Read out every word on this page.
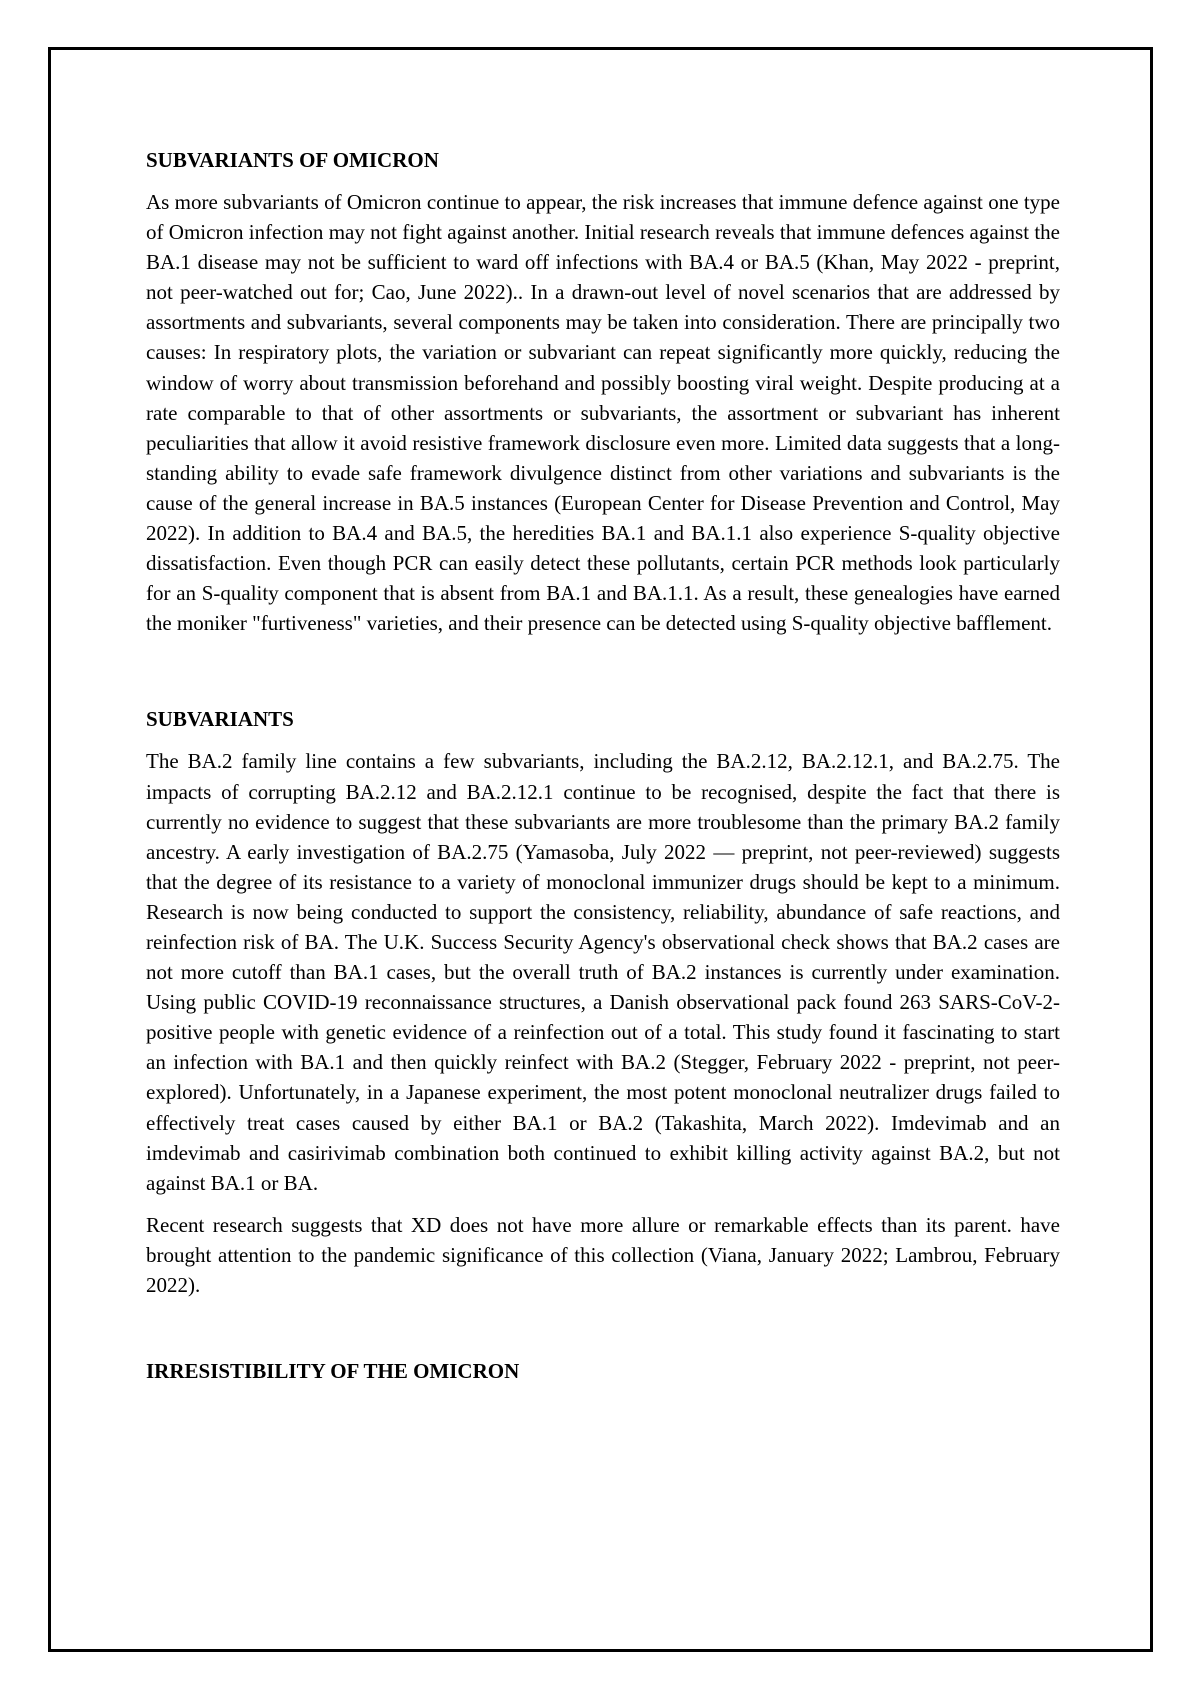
SUBVARIANTS OF OMICRON

As more subvariants of Omicron continue to appear, the risk increases that immune defence against one type of Omicron infection may not fight against another. Initial research reveals that immune defences against the BA.1 disease may not be sufficient to ward off infections with BA.4 or BA.5 (Khan, May 2022 - preprint, not peer-watched out for; Cao, June 2022).. In a drawn-out level of novel scenarios that are addressed by assortments and subvariants, several components may be taken into consideration. There are principally two causes: In respiratory plots, the variation or subvariant can repeat significantly more quickly, reducing the window of worry about transmission beforehand and possibly boosting viral weight. Despite producing at a rate comparable to that of other assortments or subvariants, the assortment or subvariant has inherent peculiarities that allow it avoid resistive framework disclosure even more. Limited data suggests that a long-standing ability to evade safe framework divulgence distinct from other variations and subvariants is the cause of the general increase in BA.5 instances (European Center for Disease Prevention and Control, May 2022). In addition to BA.4 and BA.5, the heredities BA.1 and BA.1.1 also experience S-quality objective dissatisfaction. Even though PCR can easily detect these pollutants, certain PCR methods look particularly for an S-quality component that is absent from BA.1 and BA.1.1. As a result, these genealogies have earned the moniker "furtiveness" varieties, and their presence can be detected using S-quality objective bafflement.

SUBVARIANTS

The BA.2 family line contains a few subvariants, including the BA.2.12, BA.2.12.1, and BA.2.75. The impacts of corrupting BA.2.12 and BA.2.12.1 continue to be recognised, despite the fact that there is currently no evidence to suggest that these subvariants are more troublesome than the primary BA.2 family ancestry. A early investigation of BA.2.75 (Yamasoba, July 2022 — preprint, not peer-reviewed) suggests that the degree of its resistance to a variety of monoclonal immunizer drugs should be kept to a minimum. Research is now being conducted to support the consistency, reliability, abundance of safe reactions, and reinfection risk of BA. The U.K. Success Security Agency's observational check shows that BA.2 cases are not more cutoff than BA.1 cases, but the overall truth of BA.2 instances is currently under examination. Using public COVID-19 reconnaissance structures, a Danish observational pack found 263 SARS-CoV-2-positive people with genetic evidence of a reinfection out of a total. This study found it fascinating to start an infection with BA.1 and then quickly reinfect with BA.2 (Stegger, February 2022 - preprint, not peer-explored). Unfortunately, in a Japanese experiment, the most potent monoclonal neutralizer drugs failed to effectively treat cases caused by either BA.1 or BA.2 (Takashita, March 2022). Imdevimab and an imdevimab and casirivimab combination both continued to exhibit killing activity against BA.2, but not against BA.1 or BA.

Recent research suggests that XD does not have more allure or remarkable effects than its parent. have brought attention to the pandemic significance of this collection (Viana, January 2022; Lambrou, February 2022).

IRRESISTIBILITY OF THE OMICRON
